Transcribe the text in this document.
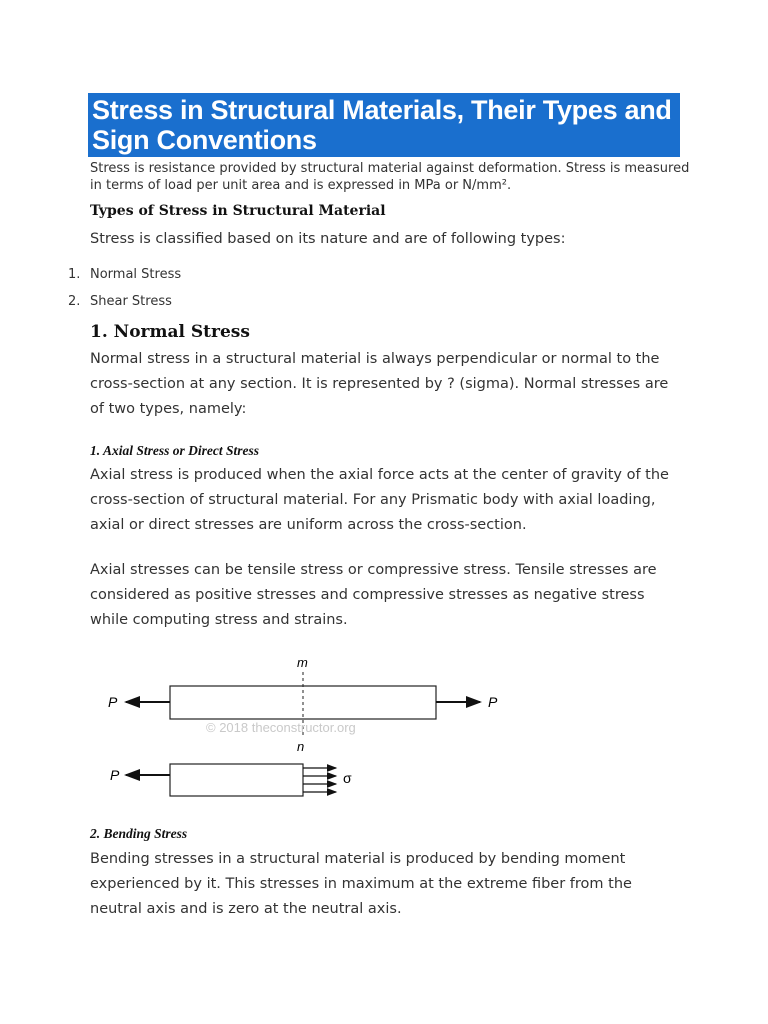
Stress in Structural Materials, Their Types and Sign Conventions
Stress is resistance provided by structural material against deformation. Stress is measured in terms of load per unit area and is expressed in MPa or N/mm².
Types of Stress in Structural Material
Stress is classified based on its nature and are of following types:
1. Normal Stress
2. Shear Stress
1. Normal Stress
Normal stress in a structural material is always perpendicular or normal to the cross-section at any section. It is represented by ? (sigma). Normal stresses are of two types, namely:
1. Axial Stress or Direct Stress
Axial stress is produced when the axial force acts at the center of gravity of the cross-section of structural material. For any Prismatic body with axial loading, axial or direct stresses are uniform across the cross-section.
Axial stresses can be tensile stress or compressive stress. Tensile stresses are considered as positive stresses and compressive stresses as negative stress while computing stress and strains.
m
n
P	P
© 2018 theconstructor.org
P	σ
2. Bending Stress
Bending stresses in a structural material is produced by bending moment experienced by it. This stresses in maximum at the extreme fiber from the neutral axis and is zero at the neutral axis.
